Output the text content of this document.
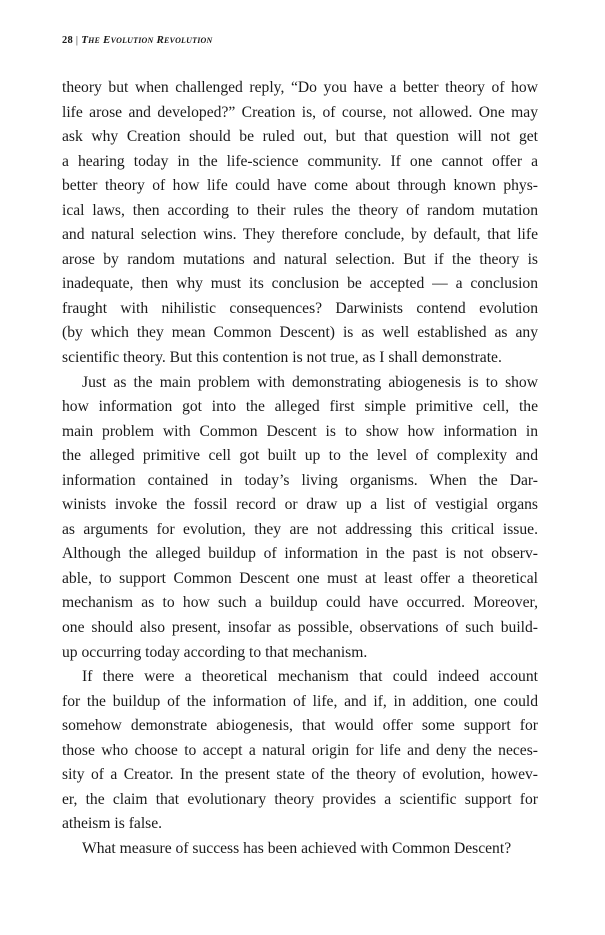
28 | The Evolution Revolution
theory but when challenged reply, “Do you have a better theory of how
life arose and developed?” Creation is, of course, not allowed. One may
ask why Creation should be ruled out, but that question will not get
a hearing today in the life-science community. If one cannot offer a
better theory of how life could have come about through known phys-
ical laws, then according to their rules the theory of random mutation
and natural selection wins. They therefore conclude, by default, that life
arose by random mutations and natural selection. But if the theory is
inadequate, then why must its conclusion be accepted — a conclusion
fraught with nihilistic consequences? Darwinists contend evolution
(by which they mean Common Descent) is as well established as any
scientific theory. But this contention is not true, as I shall demonstrate.
Just as the main problem with demonstrating abiogenesis is to show
how information got into the alleged first simple primitive cell, the
main problem with Common Descent is to show how information in
the alleged primitive cell got built up to the level of complexity and
information contained in today’s living organisms. When the Dar-
winists invoke the fossil record or draw up a list of vestigial organs
as arguments for evolution, they are not addressing this critical issue.
Although the alleged buildup of information in the past is not observ-
able, to support Common Descent one must at least offer a theoretical
mechanism as to how such a buildup could have occurred. Moreover,
one should also present, insofar as possible, observations of such build-
up occurring today according to that mechanism.
If there were a theoretical mechanism that could indeed account
for the buildup of the information of life, and if, in addition, one could
somehow demonstrate abiogenesis, that would offer some support for
those who choose to accept a natural origin for life and deny the neces-
sity of a Creator. In the present state of the theory of evolution, howev-
er, the claim that evolutionary theory provides a scientific support for
atheism is false.
What measure of success has been achieved with Common Descent?
